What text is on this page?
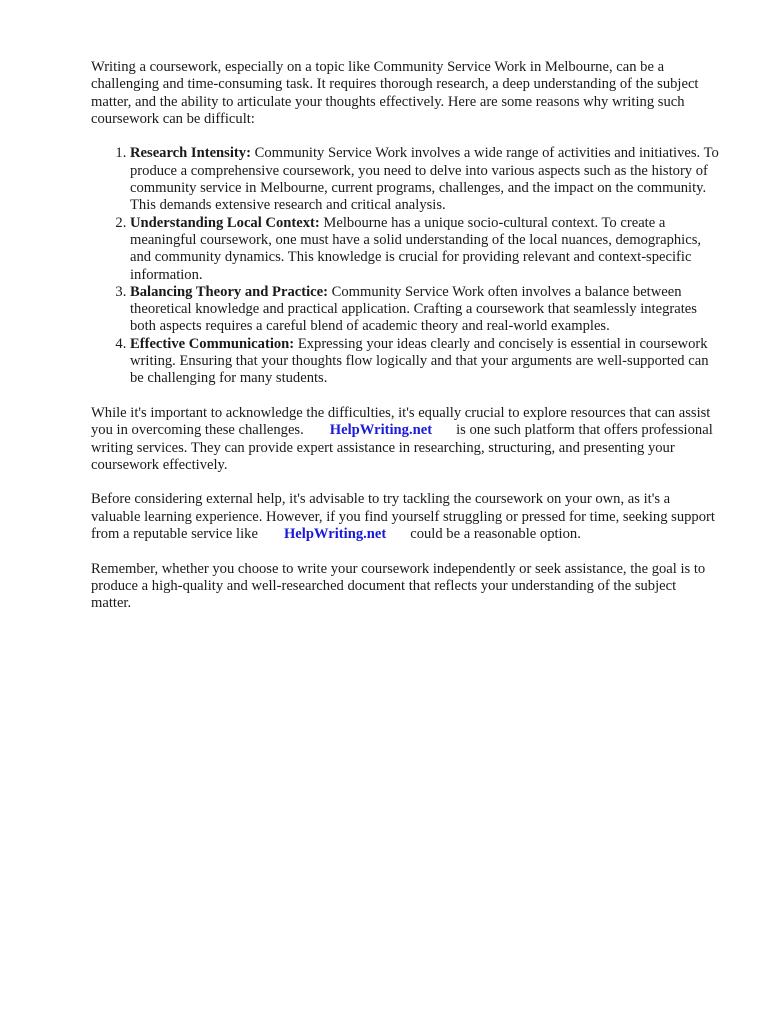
Writing a coursework, especially on a topic like Community Service Work in Melbourne, can be a challenging and time-consuming task. It requires thorough research, a deep understanding of the subject matter, and the ability to articulate your thoughts effectively. Here are some reasons why writing such coursework can be difficult:

1. Research Intensity: Community Service Work involves a wide range of activities and initiatives. To produce a comprehensive coursework, you need to delve into various aspects such as the history of community service in Melbourne, current programs, challenges, and the impact on the community. This demands extensive research and critical analysis.
2. Understanding Local Context: Melbourne has a unique socio-cultural context. To create a meaningful coursework, one must have a solid understanding of the local nuances, demographics, and community dynamics. This knowledge is crucial for providing relevant and context-specific information.
3. Balancing Theory and Practice: Community Service Work often involves a balance between theoretical knowledge and practical application. Crafting a coursework that seamlessly integrates both aspects requires a careful blend of academic theory and real-world examples.
4. Effective Communication: Expressing your ideas clearly and concisely is essential in coursework writing. Ensuring that your thoughts flow logically and that your arguments are well-supported can be challenging for many students.

While it's important to acknowledge the difficulties, it's equally crucial to explore resources that can assist you in overcoming these challenges. HelpWriting.net is one such platform that offers professional writing services. They can provide expert assistance in researching, structuring, and presenting your coursework effectively.

Before considering external help, it's advisable to try tackling the coursework on your own, as it's a valuable learning experience. However, if you find yourself struggling or pressed for time, seeking support from a reputable service like HelpWriting.net could be a reasonable option.

Remember, whether you choose to write your coursework independently or seek assistance, the goal is to produce a high-quality and well-researched document that reflects your understanding of the subject matter.
